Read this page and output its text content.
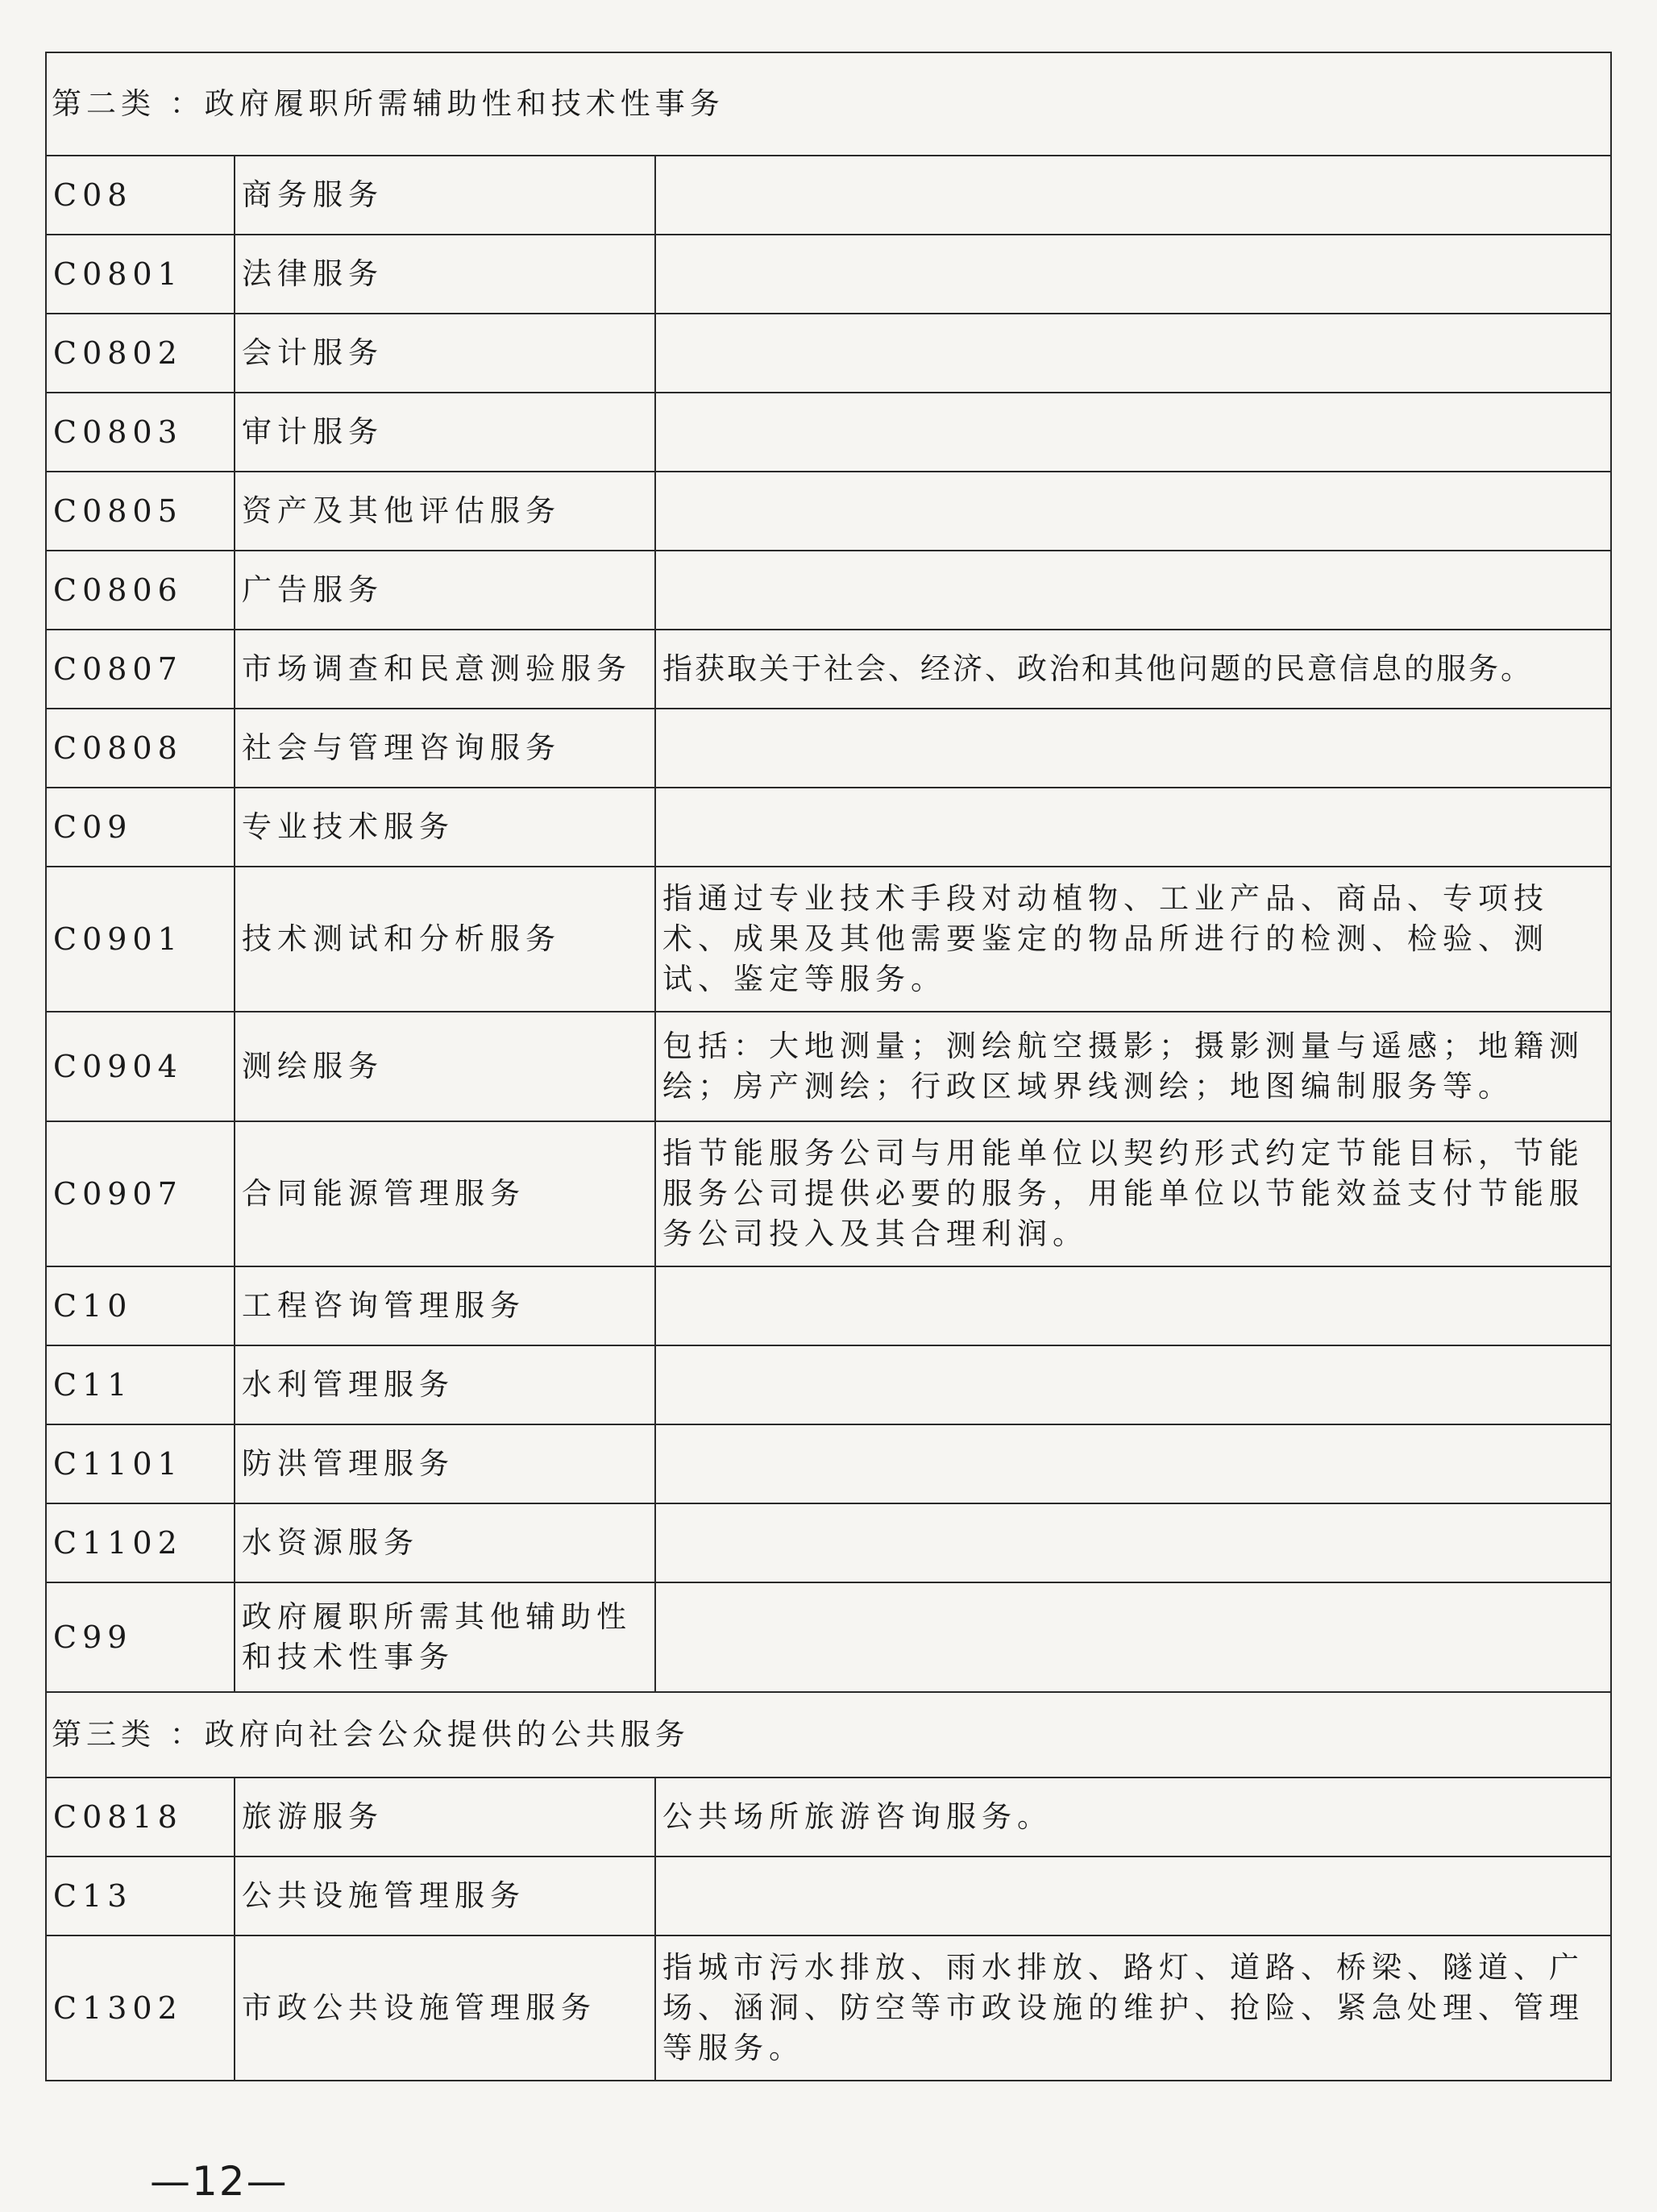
第二类 ：政府履职所需辅助性和技术性事务		
C08	商务服务	
C0801	法律服务	
C0802	会计服务	
C0803	审计服务	
C0805	资产及其他评估服务	
C0806	广告服务	
C0807	市场调查和民意测验服务	指获取关于社会、经济、政治和其他问题的民意信息的服务。
C0808	社会与管理咨询服务	
C09	专业技术服务	
C0901	技术测试和分析服务	指通过专业技术手段对动植物、工业产品、商品、专项技术、成果及其他需要鉴定的物品所进行的检测、检验、测试、鉴定等服务。
C0904	测绘服务	包括：大地测量；测绘航空摄影；摄影测量与遥感；地籍测绘；房产测绘；行政区域界线测绘；地图编制服务等。
C0907	合同能源管理服务	指节能服务公司与用能单位以契约形式约定节能目标，节能服务公司提供必要的服务，用能单位以节能效益支付节能服务公司投入及其合理利润。
C10	工程咨询管理服务	
C11	水利管理服务	
C1101	防洪管理服务	
C1102	水资源服务	
C99	政府履职所需其他辅助性和技术性事务	
第三类 ：政府向社会公众提供的公共服务		
C0818	旅游服务	公共场所旅游咨询服务。
C13	公共设施管理服务	
C1302	市政公共设施管理服务	指城市污水排放、雨水排放、路灯、道路、桥梁、隧道、广场、涵洞、防空等市政设施的维护、抢险、紧急处理、管理等服务。
—12—
